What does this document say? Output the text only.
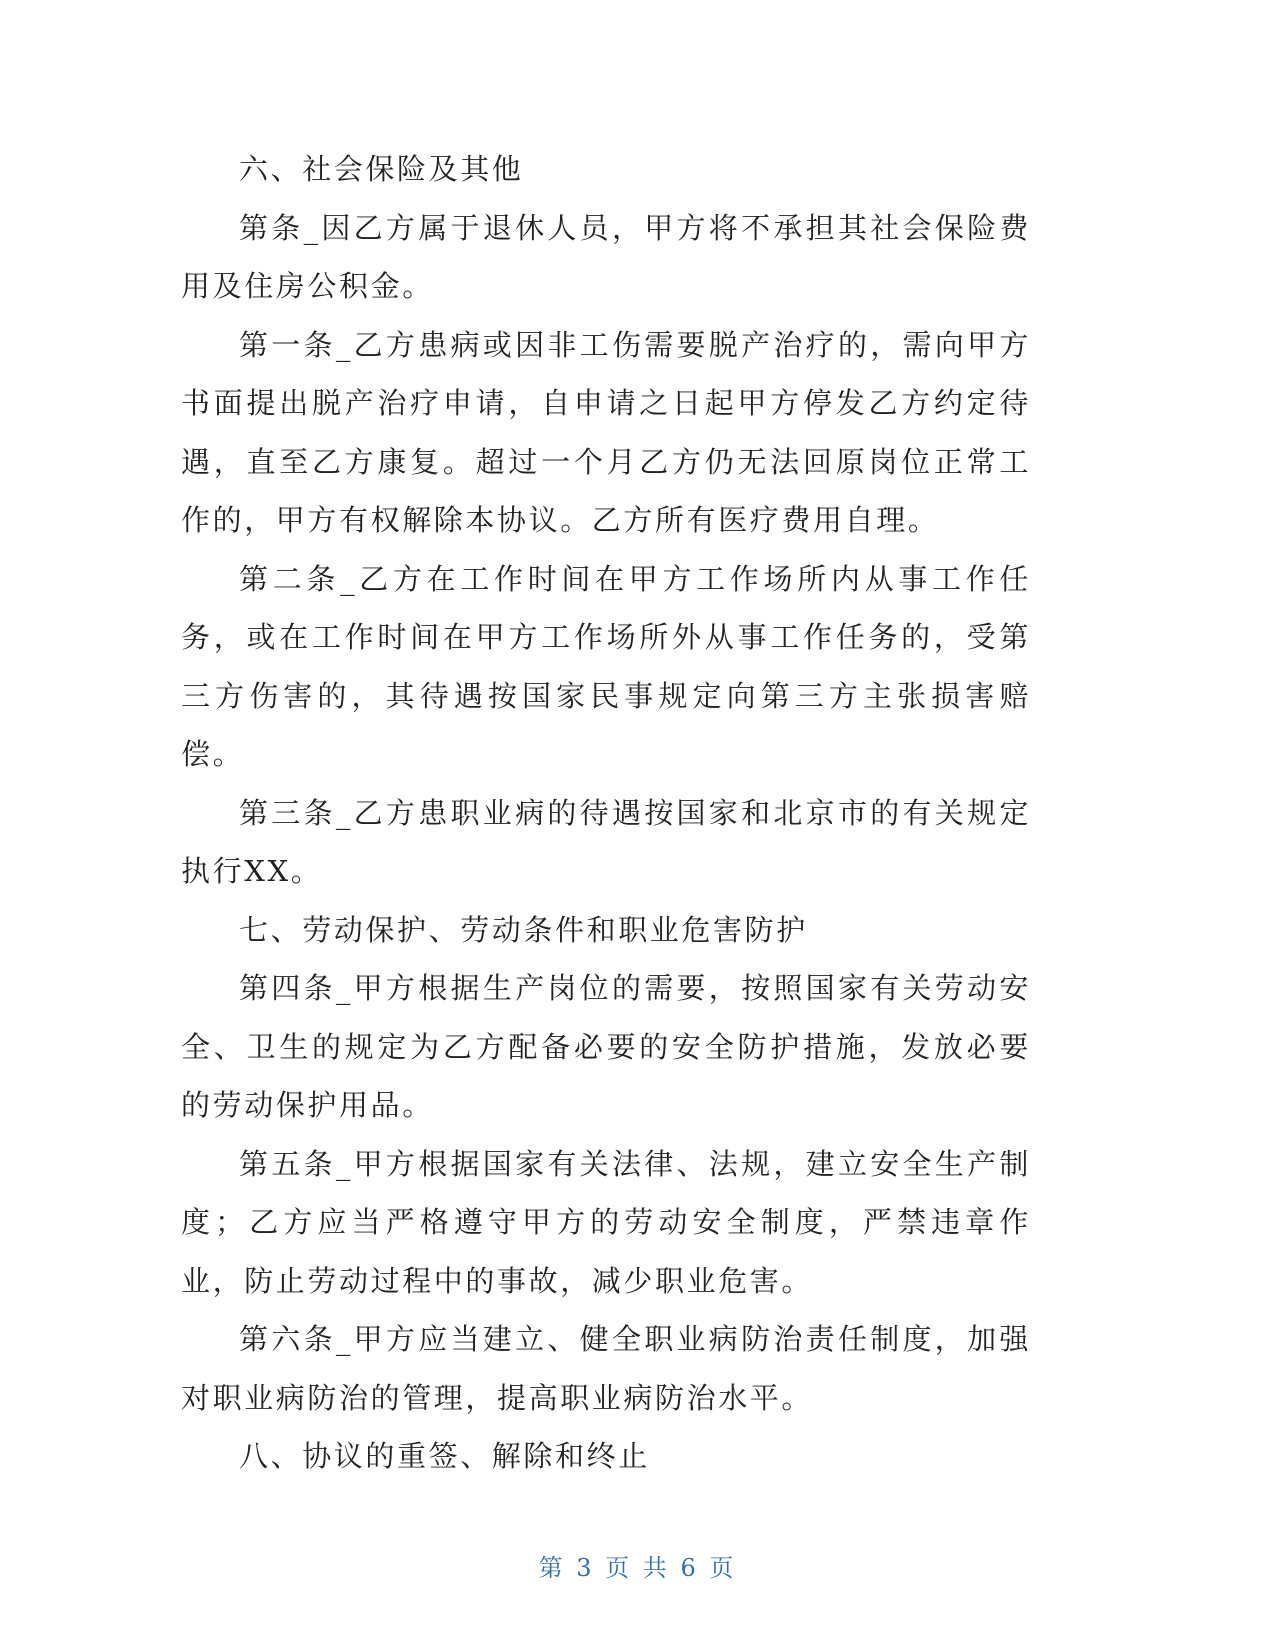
六、社会保险及其他

第条_因乙方属于退休人员，甲方将不承担其社会保险费用及住房公积金。

第一条_乙方患病或因非工伤需要脱产治疗的，需向甲方书面提出脱产治疗申请，自申请之日起甲方停发乙方约定待遇，直至乙方康复。超过一个月乙方仍无法回原岗位正常工作的，甲方有权解除本协议。乙方所有医疗费用自理。

第二条_乙方在工作时间在甲方工作场所内从事工作任务，或在工作时间在甲方工作场所外从事工作任务的，受第三方伤害的，其待遇按国家民事规定向第三方主张损害赔偿。

第三条_乙方患职业病的待遇按国家和北京市的有关规定执行XX。

七、劳动保护、劳动条件和职业危害防护

第四条_甲方根据生产岗位的需要，按照国家有关劳动安全、卫生的规定为乙方配备必要的安全防护措施，发放必要的劳动保护用品。

第五条_甲方根据国家有关法律、法规，建立安全生产制度；乙方应当严格遵守甲方的劳动安全制度，严禁违章作业，防止劳动过程中的事故，减少职业危害。

第六条_甲方应当建立、健全职业病防治责任制度，加强对职业病防治的管理，提高职业病防治水平。

八、协议的重签、解除和终止

第 3 页 共 6 页
